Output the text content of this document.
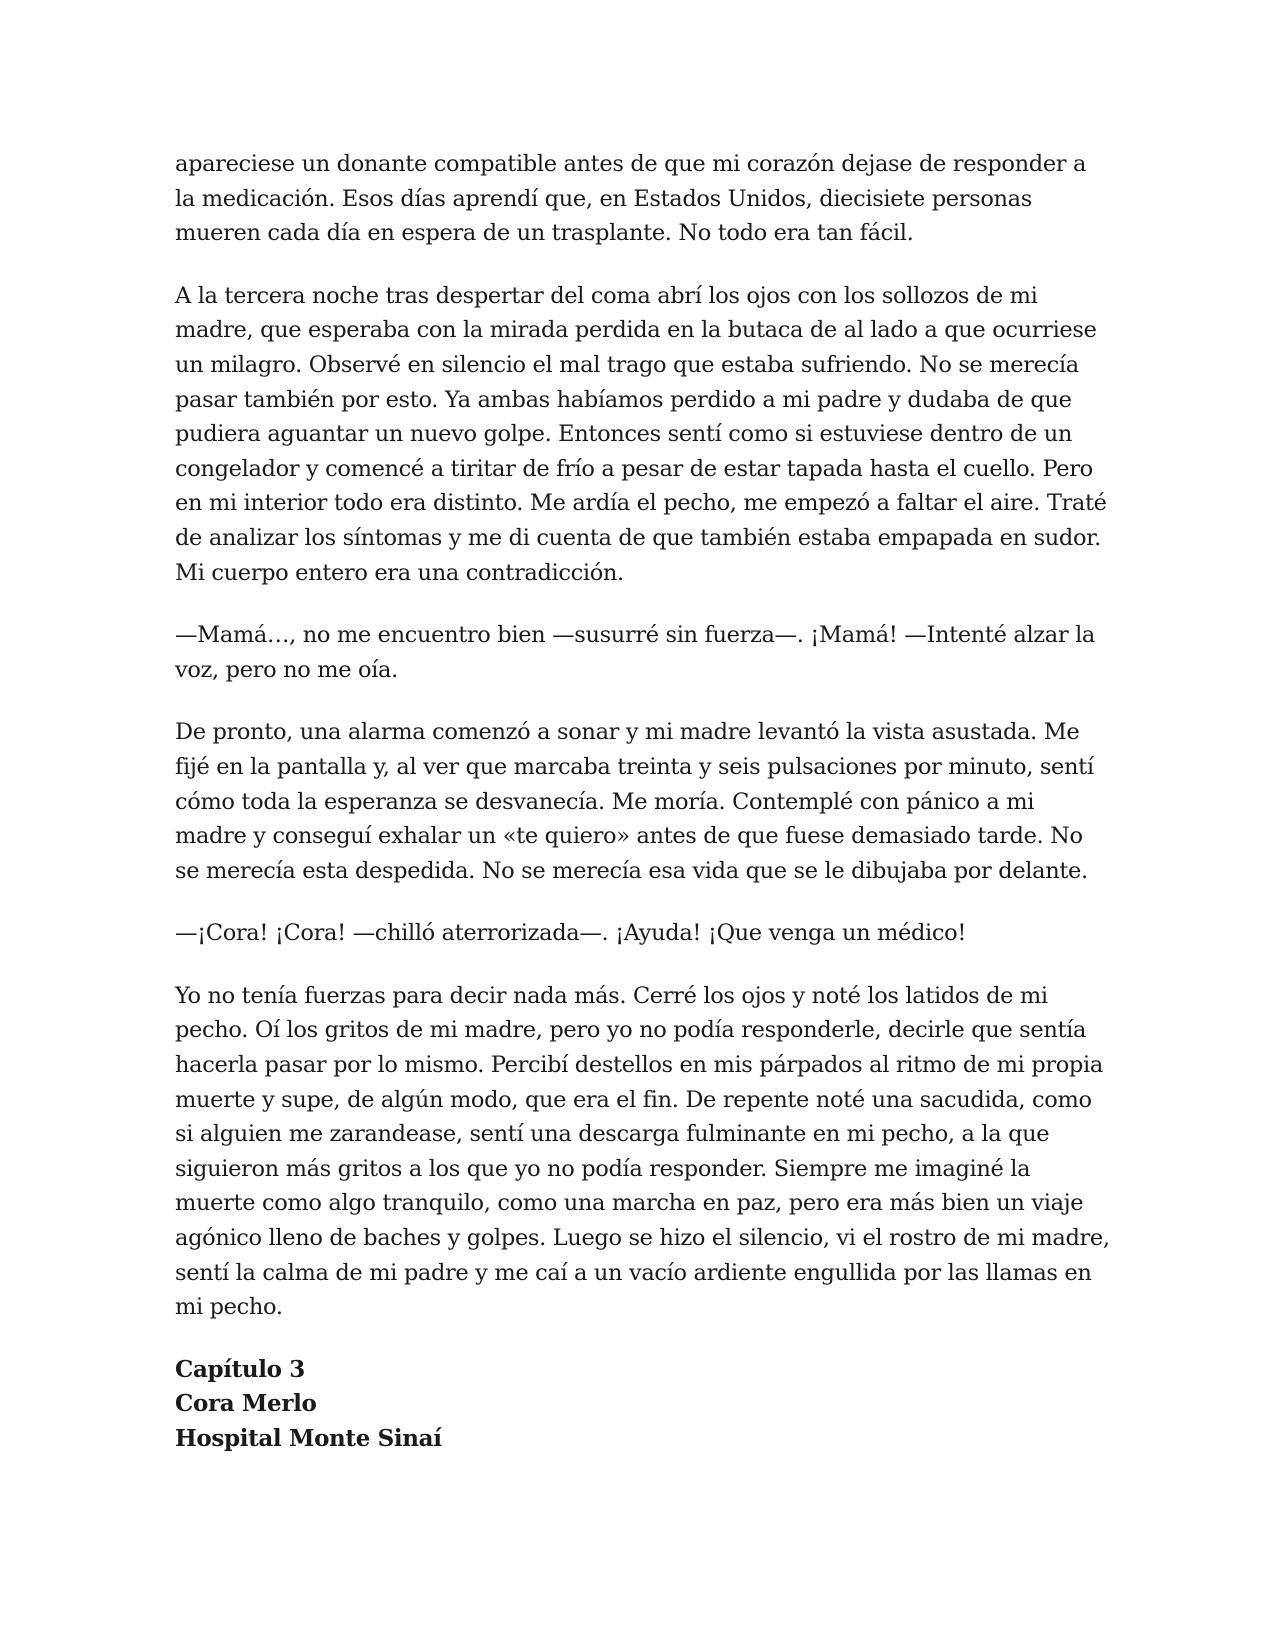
apareciese un donante compatible antes de que mi corazón dejase de responder a la medicación. Esos días aprendí que, en Estados Unidos, diecisiete personas mueren cada día en espera de un trasplante. No todo era tan fácil.

A la tercera noche tras despertar del coma abrí los ojos con los sollozos de mi madre, que esperaba con la mirada perdida en la butaca de al lado a que ocurriese un milagro. Observé en silencio el mal trago que estaba sufriendo. No se merecía pasar también por esto. Ya ambas habíamos perdido a mi padre y dudaba de que pudiera aguantar un nuevo golpe. Entonces sentí como si estuviese dentro de un congelador y comencé a tiritar de frío a pesar de estar tapada hasta el cuello. Pero en mi interior todo era distinto. Me ardía el pecho, me empezó a faltar el aire. Traté de analizar los síntomas y me di cuenta de que también estaba empapada en sudor. Mi cuerpo entero era una contradicción.

—Mamá…, no me encuentro bien —susurré sin fuerza—. ¡Mamá! —Intenté alzar la voz, pero no me oía.

De pronto, una alarma comenzó a sonar y mi madre levantó la vista asustada. Me fijé en la pantalla y, al ver que marcaba treinta y seis pulsaciones por minuto, sentí cómo toda la esperanza se desvanecía. Me moría. Contemplé con pánico a mi madre y conseguí exhalar un «te quiero» antes de que fuese demasiado tarde. No se merecía esta despedida. No se merecía esa vida que se le dibujaba por delante.

—¡Cora! ¡Cora! —chilló aterrorizada—. ¡Ayuda! ¡Que venga un médico!

Yo no tenía fuerzas para decir nada más. Cerré los ojos y noté los latidos de mi pecho. Oí los gritos de mi madre, pero yo no podía responderle, decirle que sentía hacerla pasar por lo mismo. Percibí destellos en mis párpados al ritmo de mi propia muerte y supe, de algún modo, que era el fin. De repente noté una sacudida, como si alguien me zarandease, sentí una descarga fulminante en mi pecho, a la que siguieron más gritos a los que yo no podía responder. Siempre me imaginé la muerte como algo tranquilo, como una marcha en paz, pero era más bien un viaje agónico lleno de baches y golpes. Luego se hizo el silencio, vi el rostro de mi madre, sentí la calma de mi padre y me caí a un vacío ardiente engullida por las llamas en mi pecho.

Capítulo 3
Cora Merlo
Hospital Monte Sinaí
